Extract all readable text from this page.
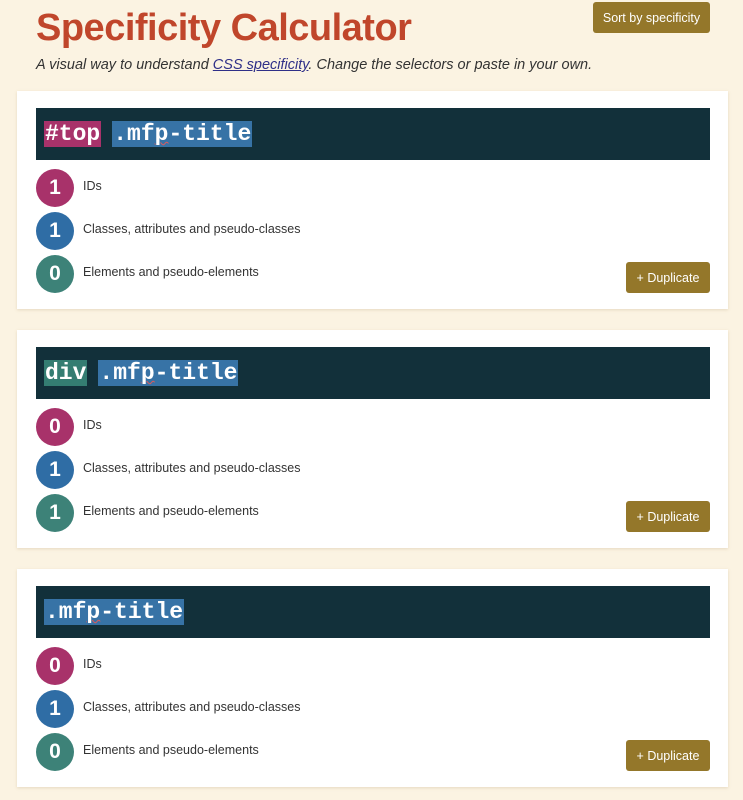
Specificity Calculator
A visual way to understand CSS specificity. Change the selectors or paste in your own.
Sort by specificity
#top .mfp-title
1	IDs
1	Classes, attributes and pseudo-classes
0	Elements and pseudo-elements	+ Duplicate
div .mfp-title
0	IDs
1	Classes, attributes and pseudo-classes
1	Elements and pseudo-elements	+ Duplicate
.mfp-title
0	IDs
1	Classes, attributes and pseudo-classes
0	Elements and pseudo-elements	+ Duplicate
